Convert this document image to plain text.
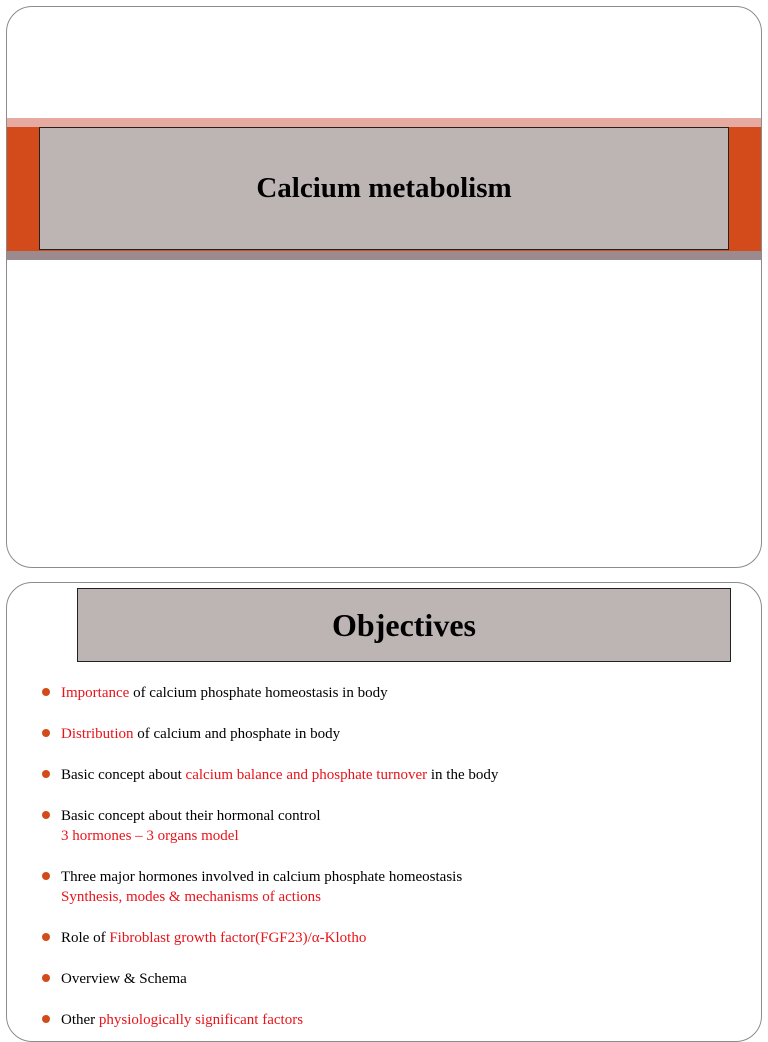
Calcium metabolism
Objectives
Importance of calcium phosphate homeostasis in body
Distribution of calcium and phosphate in body
Basic concept about calcium balance and phosphate turnover in the body
Basic concept about their hormonal control
3 hormones – 3 organs model
Three major hormones involved in calcium phosphate homeostasis
Synthesis, modes & mechanisms of actions
Role of Fibroblast growth factor(FGF23)/α-Klotho
Overview & Schema
Other physiologically significant factors
